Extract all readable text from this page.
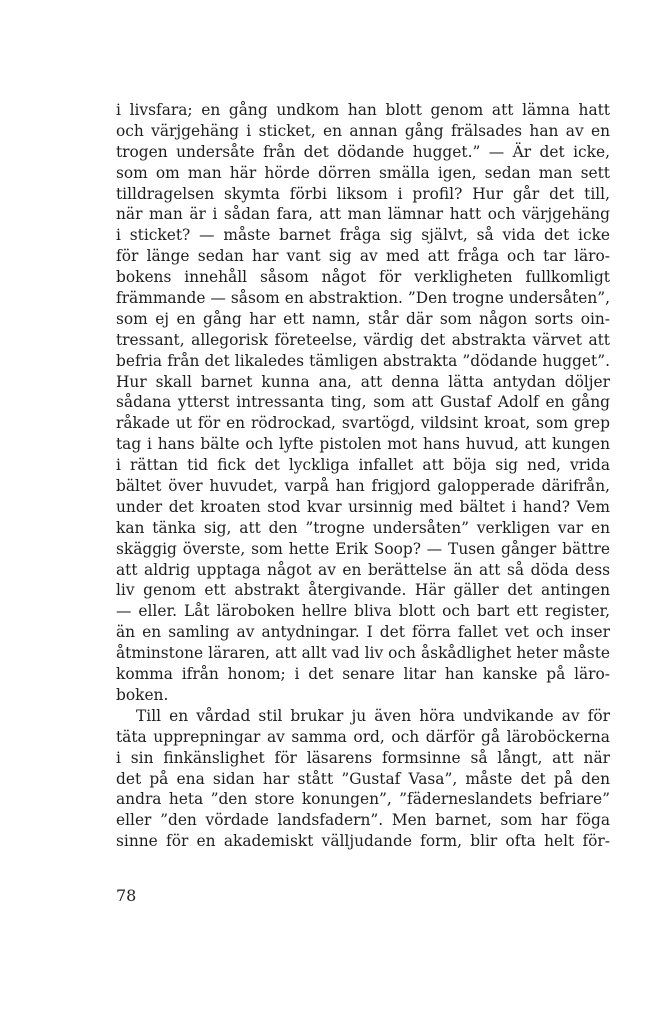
i livsfara; en gång undkom han blott genom att lämna hatt
och värjgehäng i sticket, en annan gång frälsades han av en
trogen undersåte från det dödande hugget.” — Är det icke,
som om man här hörde dörren smälla igen, sedan man sett
tilldragelsen skymta förbi liksom i profil? Hur går det till,
när man är i sådan fara, att man lämnar hatt och värjgehäng
i sticket? — måste barnet fråga sig självt, så vida det icke
för länge sedan har vant sig av med att fråga och tar läro-
bokens innehåll såsom något för verkligheten fullkomligt
främmande — såsom en abstraktion. ”Den trogne undersåten”,
som ej en gång har ett namn, står där som någon sorts oin-
tressant, allegorisk företeelse, värdig det abstrakta värvet att
befria från det likaledes tämligen abstrakta ”dödande hugget”.
Hur skall barnet kunna ana, att denna lätta antydan döljer
sådana ytterst intressanta ting, som att Gustaf Adolf en gång
råkade ut för en rödrockad, svartögd, vildsint kroat, som grep
tag i hans bälte och lyfte pistolen mot hans huvud, att kungen
i rättan tid fick det lyckliga infallet att böja sig ned, vrida
bältet över huvudet, varpå han frigjord galopperade därifrån,
under det kroaten stod kvar ursinnig med bältet i hand? Vem
kan tänka sig, att den ”trogne undersåten” verkligen var en
skäggig överste, som hette Erik Soop? — Tusen gånger bättre
att aldrig upptaga något av en berättelse än att så döda dess
liv genom ett abstrakt återgivande. Här gäller det antingen
— eller. Låt läroboken hellre bliva blott och bart ett register,
än en samling av antydningar. I det förra fallet vet och inser
åtminstone läraren, att allt vad liv och åskådlighet heter måste
komma ifrån honom; i det senare litar han kanske på läro-
boken.
Till en vårdad stil brukar ju även höra undvikande av för
täta upprepningar av samma ord, och därför gå läroböckerna
i sin finkänslighet för läsarens formsinne så långt, att när
det på ena sidan har stått ”Gustaf Vasa”, måste det på den
andra heta ”den store konungen”, ”fäderneslandets befriare”
eller ”den vördade landsfadern”. Men barnet, som har föga
sinne för en akademiskt välljudande form, blir ofta helt för-
78
